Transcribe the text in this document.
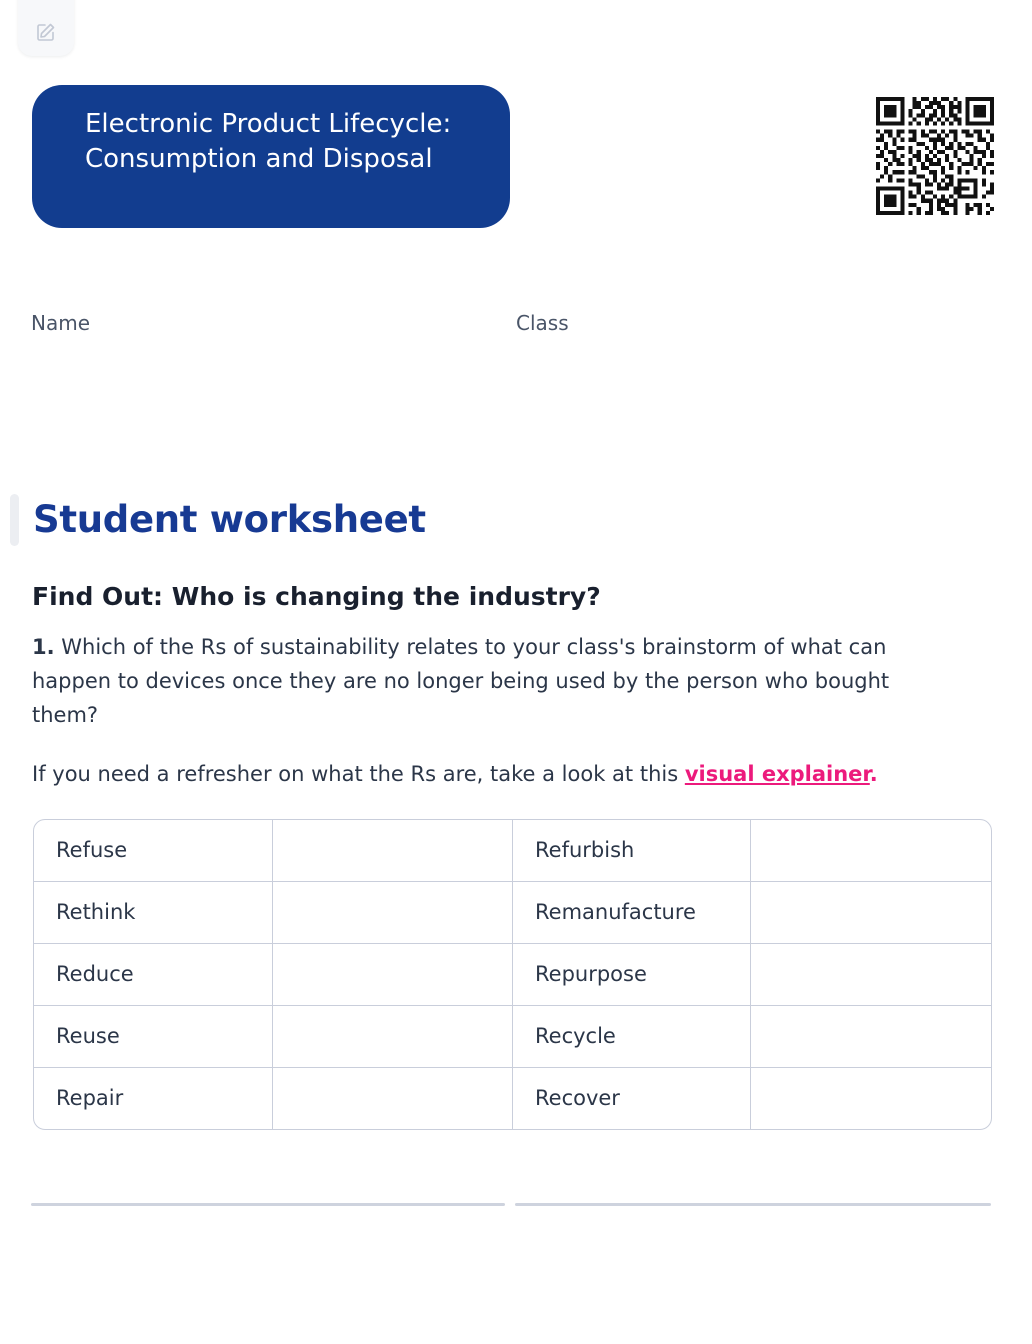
Electronic Product Lifecycle: Consumption and Disposal
Name	Class
Student worksheet
Find Out: Who is changing the industry?
1. Which of the Rs of sustainability relates to your class's brainstorm of what can happen to devices once they are no longer being used by the person who bought them?
If you need a refresher on what the Rs are, take a look at this visual explainer.
Refuse		Refurbish	
Rethink		Remanufacture	
Reduce		Repurpose	
Reuse		Recycle	
Repair		Recover	
